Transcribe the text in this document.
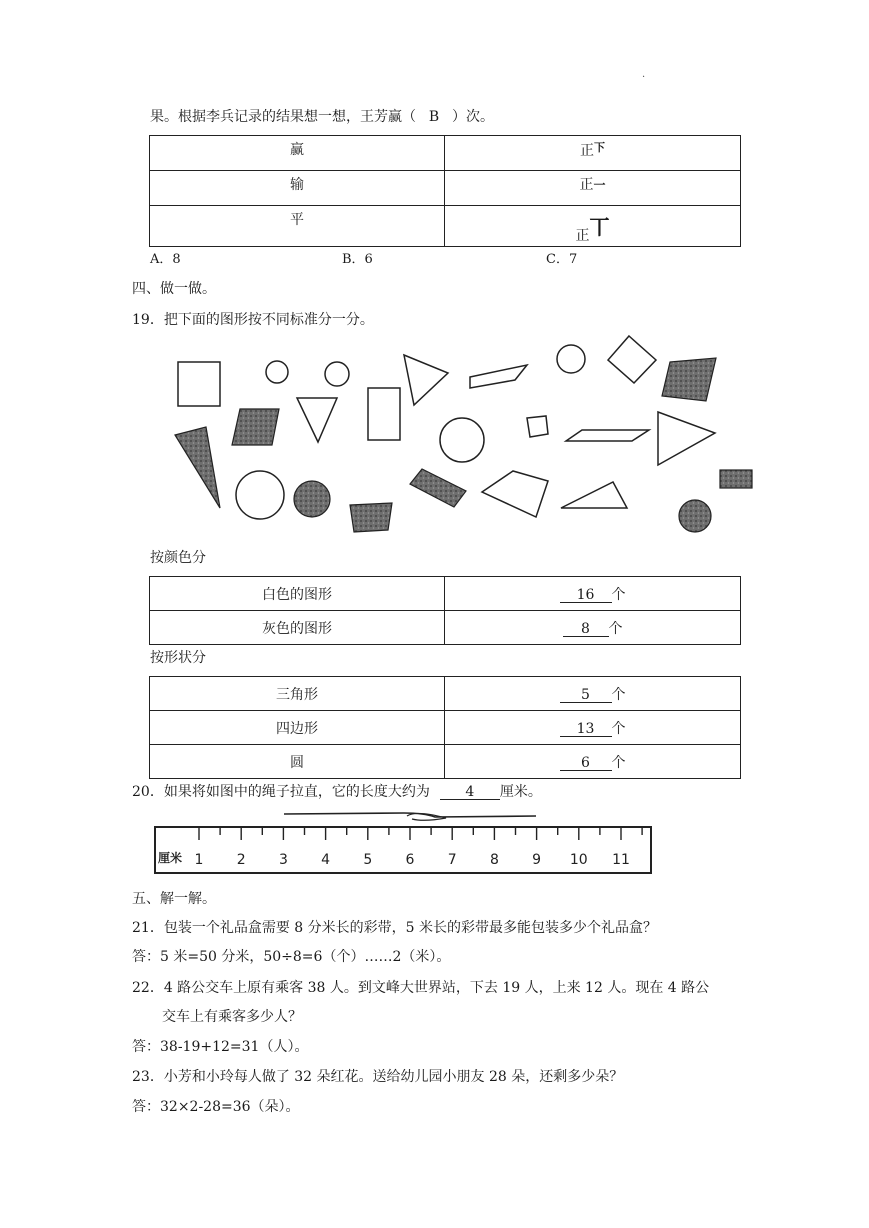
·
果。根据李兵记录的结果想一想，王芳赢（ B ）次。
赢	正$^下$
输	正一
平	正丅
A．8	B．6	C．7
四、做一做。
19．把下面的图形按不同标准分一分。
按颜色分
白色的图形	16 个
灰色的图形	8 个
按形状分
三角形	5 个
四边形	13 个
圆	6 个
20．如果将如图中的绳子拉直，它的长度大约为	4 厘米。
厘米 1 2 3 4 5 6 7 8 9 10 11
五、解一解。
21．包装一个礼品盒需要 8 分米长的彩带，5 米长的彩带最多能包装多少个礼品盒？
答：5 米=50 分米，50÷8=6（个）……2（米）。
22．4 路公交车上原有乘客 38 人。到文峰大世界站，下去 19 人，上来 12 人。现在 4 路公
交车上有乘客多少人？
答：38-19+12=31（人）。
23．小芳和小玲每人做了 32 朵红花。送给幼儿园小朋友 28 朵，还剩多少朵？
答：32×2-28=36（朵）。
